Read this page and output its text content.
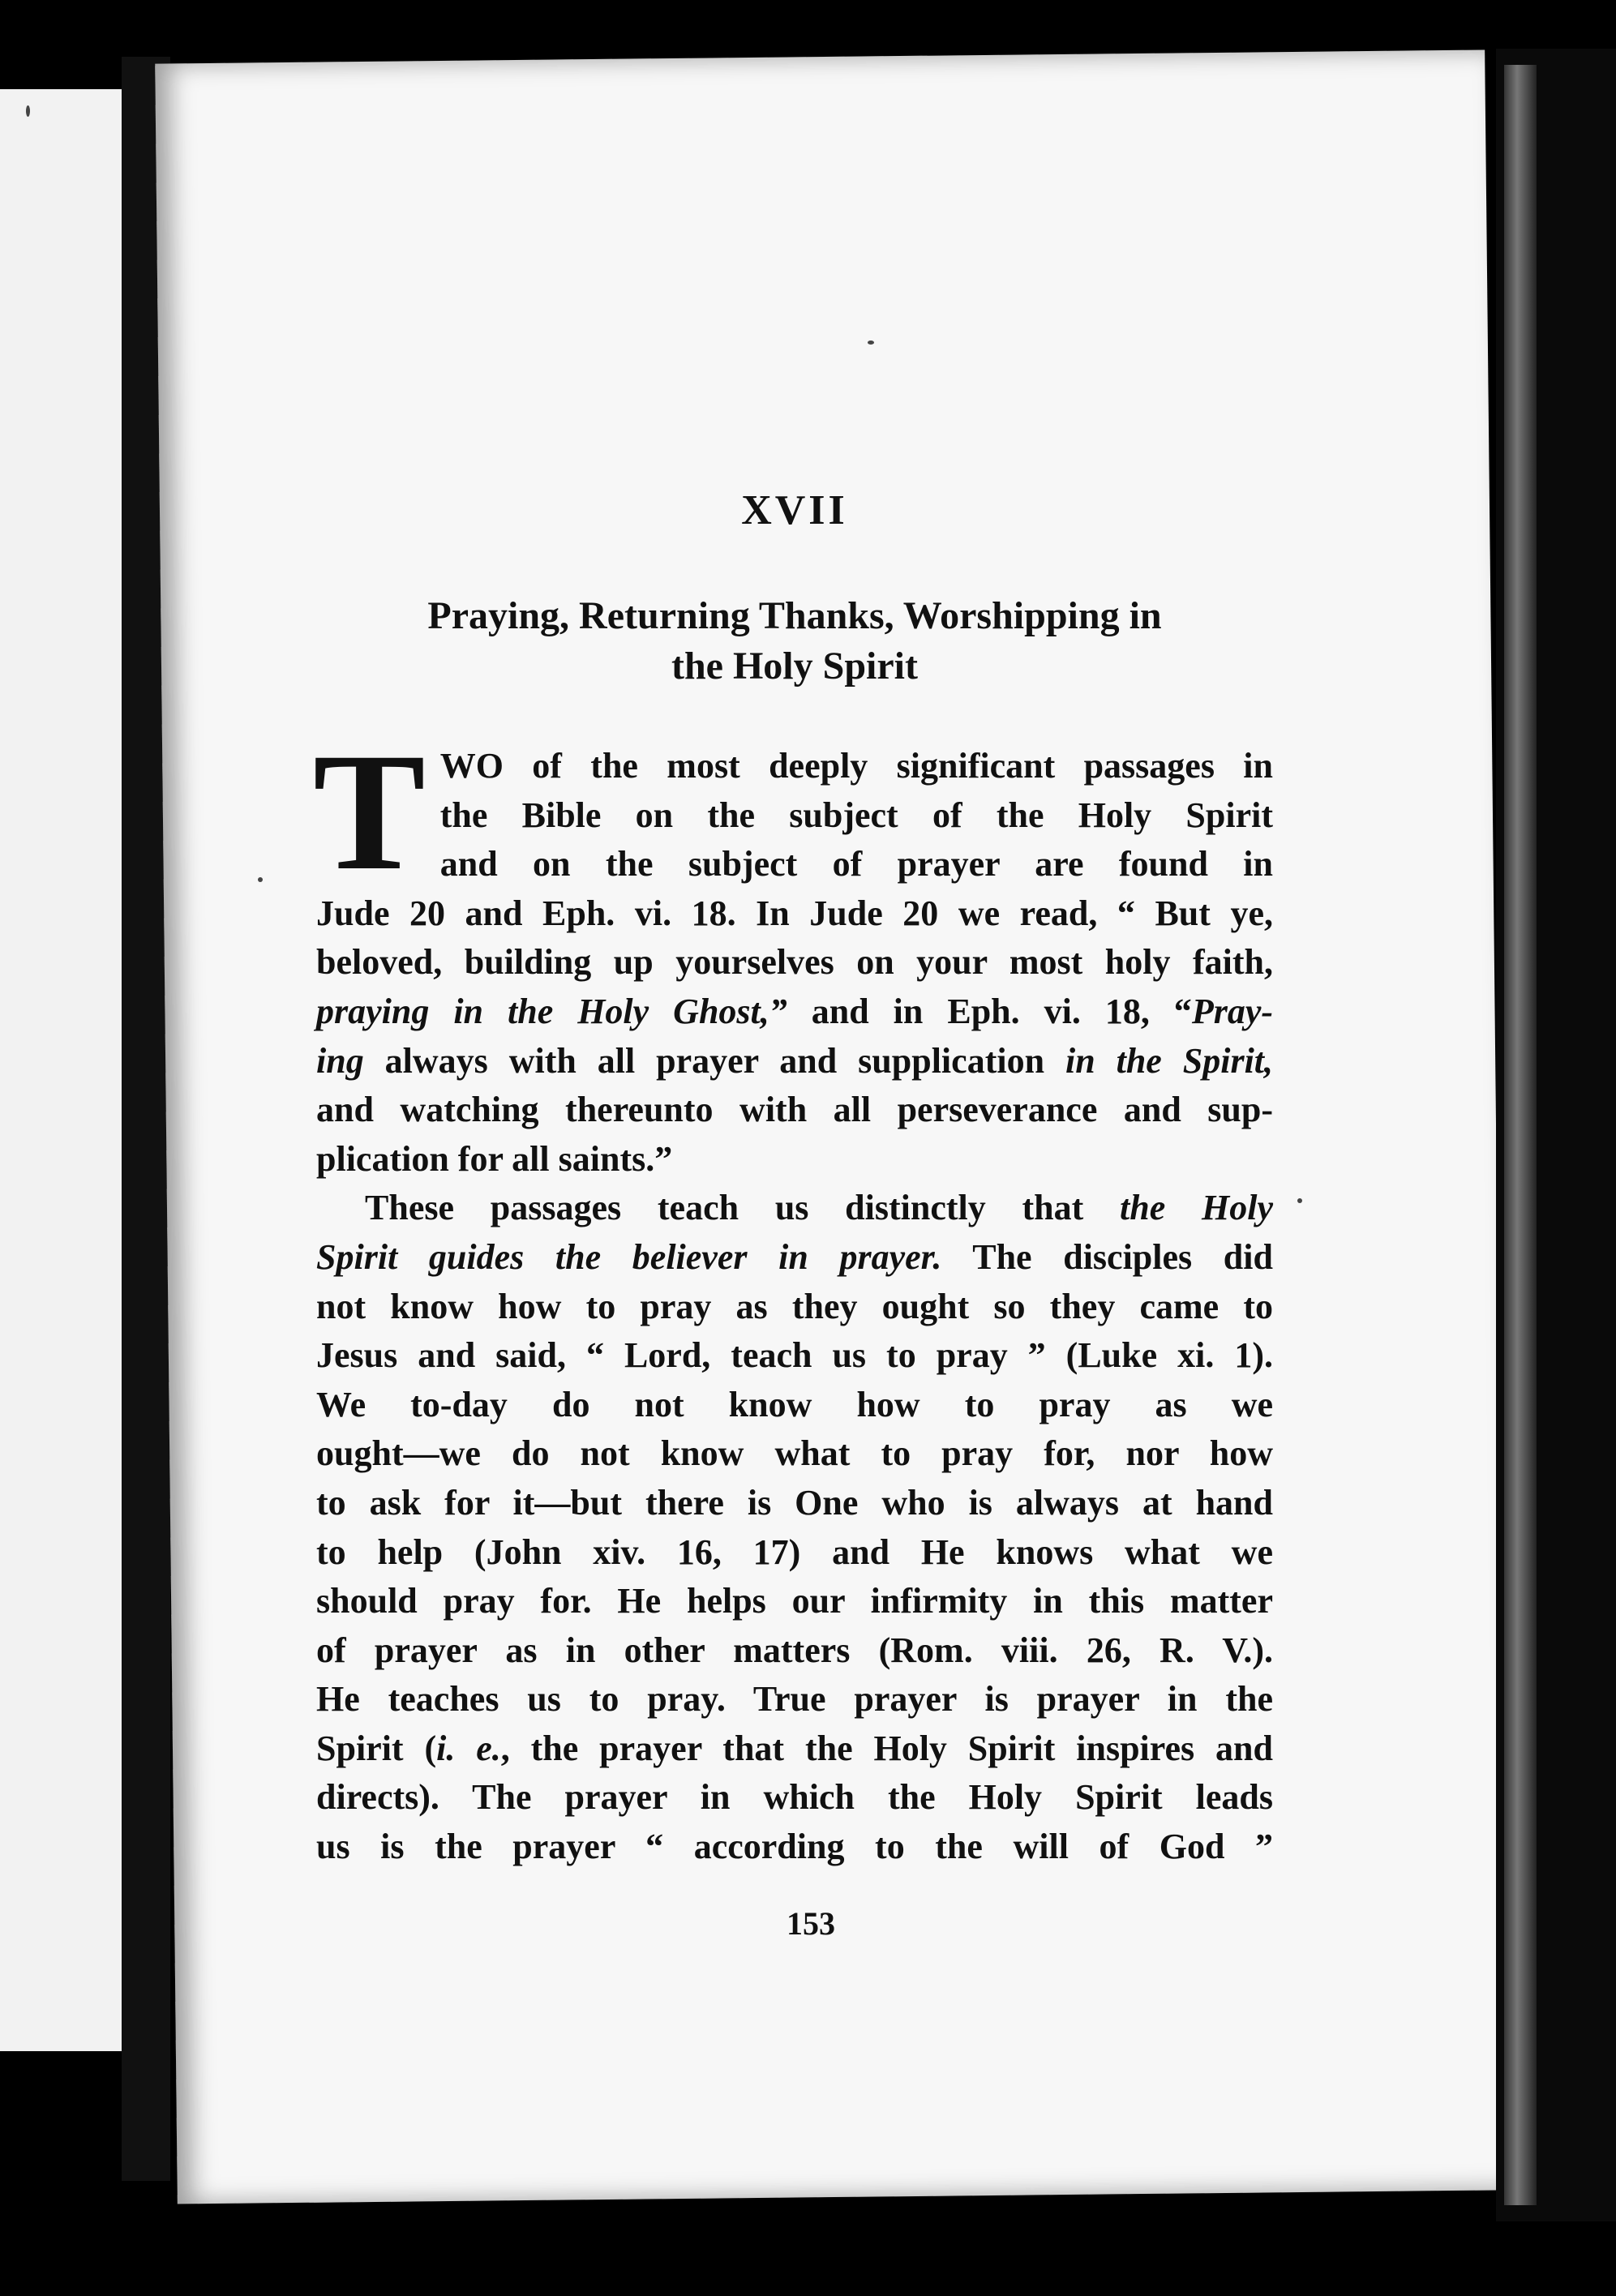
XVII
Praying, Returning Thanks, Worshipping in
the Holy Spirit
T WO of the most deeply significant passages in
the Bible on the subject of the Holy Spirit
and on the subject of prayer are found in
Jude 20 and Eph. vi. 18. In Jude 20 we read, “ But ye,
beloved, building up yourselves on your most holy faith,
praying in the Holy Ghost,” and in Eph. vi. 18, “Pray-
ing always with all prayer and supplication in the Spirit,
and watching thereunto with all perseverance and sup-
plication for all saints.”
These passages teach us distinctly that the Holy
Spirit guides the believer in prayer. The disciples did
not know how to pray as they ought so they came to
Jesus and said, “ Lord, teach us to pray ” (Luke xi. 1).
We to-day do not know how to pray as we
ought—we do not know what to pray for, nor how
to ask for it—but there is One who is always at hand
to help (John xiv. 16, 17) and He knows what we
should pray for. He helps our infirmity in this matter
of prayer as in other matters (Rom. viii. 26, R. V.).
He teaches us to pray. True prayer is prayer in the
Spirit (i. e., the prayer that the Holy Spirit inspires and
directs). The prayer in which the Holy Spirit leads
us is the prayer “ according to the will of God ”
153
